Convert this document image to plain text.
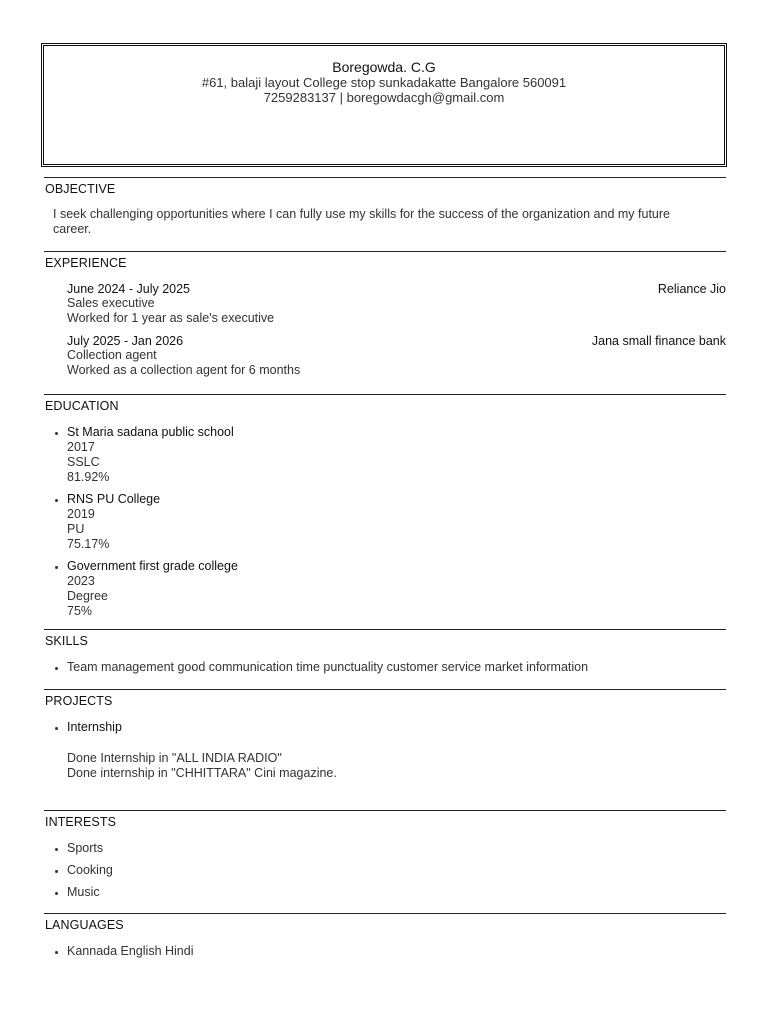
Boregowda. C.G
#61, balaji layout College stop sunkadakatte Bangalore 560091
7259283137 | boregowdacgh@gmail.com
OBJECTIVE
I seek challenging opportunities where I can fully use my skills for the success of the organization and my future career.
EXPERIENCE
June 2024 - July 2025	Reliance Jio
Sales executive
Worked for 1 year as sale's executive
July 2025 - Jan 2026	Jana small finance bank
Collection agent
Worked as a collection agent for 6 months
EDUCATION
• St Maria sadana public school
2017
SSLC
81.92%
• RNS PU College
2019
PU
75.17%
• Government first grade college
2023
Degree
75%
SKILLS
• Team management good communication time punctuality customer service market information
PROJECTS
• Internship
Done Internship in "ALL INDIA RADIO"
Done internship in "CHHITTARA" Cini magazine.
INTERESTS
• Sports
• Cooking
• Music
LANGUAGES
• Kannada English Hindi
